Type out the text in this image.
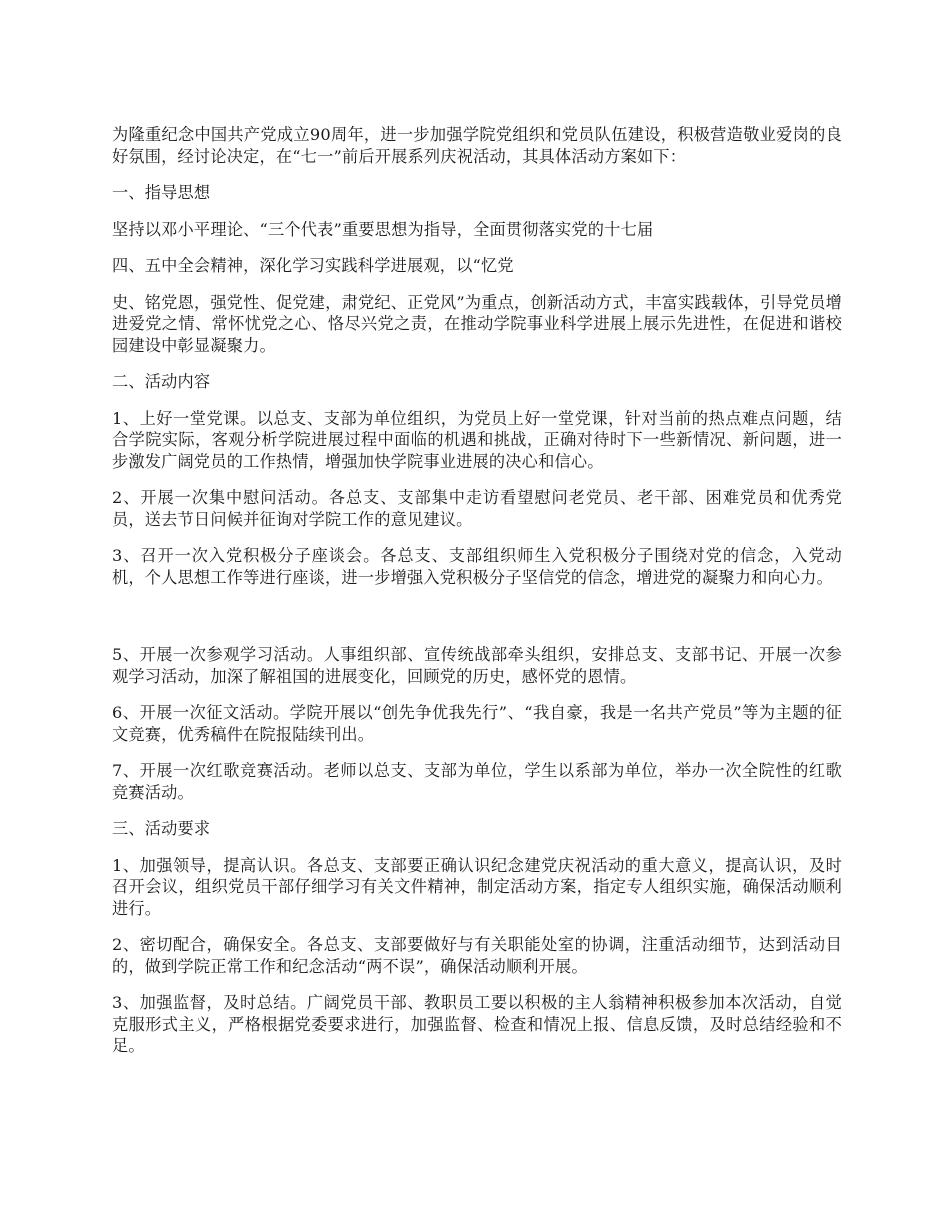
为隆重纪念中国共产党成立90周年，进一步加强学院党组织和党员队伍建设，积极营造敬业爱岗的良好氛围，经讨论决定，在“七一”前后开展系列庆祝活动，其具体活动方案如下：

一、指导思想

坚持以邓小平理论、“三个代表”重要思想为指导，全面贯彻落实党的十七届

四、五中全会精神，深化学习实践科学进展观，以“忆党

史、铭党恩，强党性、促党建，肃党纪、正党风”为重点，创新活动方式，丰富实践载体，引导党员增进爱党之情、常怀忧党之心、恪尽兴党之责，在推动学院事业科学进展上展示先进性，在促进和谐校园建设中彰显凝聚力。

二、活动内容

1、上好一堂党课。以总支、支部为单位组织，为党员上好一堂党课，针对当前的热点难点问题，结合学院实际，客观分析学院进展过程中面临的机遇和挑战，正确对待时下一些新情况、新问题，进一步激发广阔党员的工作热情，增强加快学院事业进展的决心和信心。

2、开展一次集中慰问活动。各总支、支部集中走访看望慰问老党员、老干部、困难党员和优秀党员，送去节日问候并征询对学院工作的意见建议。

3、召开一次入党积极分子座谈会。各总支、支部组织师生入党积极分子围绕对党的信念，入党动机，个人思想工作等进行座谈，进一步增强入党积极分子坚信党的信念，增进党的凝聚力和向心力。

5、开展一次参观学习活动。人事组织部、宣传统战部牵头组织，安排总支、支部书记、开展一次参观学习活动，加深了解祖国的进展变化，回顾党的历史，感怀党的恩情。

6、开展一次征文活动。学院开展以“创先争优我先行”、“我自豪，我是一名共产党员”等为主题的征文竞赛，优秀稿件在院报陆续刊出。

7、开展一次红歌竞赛活动。老师以总支、支部为单位，学生以系部为单位，举办一次全院性的红歌竞赛活动。

三、活动要求

1、加强领导，提高认识。各总支、支部要正确认识纪念建党庆祝活动的重大意义，提高认识，及时召开会议，组织党员干部仔细学习有关文件精神，制定活动方案，指定专人组织实施，确保活动顺利进行。

2、密切配合，确保安全。各总支、支部要做好与有关职能处室的协调，注重活动细节，达到活动目的，做到学院正常工作和纪念活动“两不误”，确保活动顺利开展。

3、加强监督，及时总结。广阔党员干部、教职员工要以积极的主人翁精神积极参加本次活动，自觉克服形式主义，严格根据党委要求进行，加强监督、检查和情况上报、信息反馈，及时总结经验和不足。
